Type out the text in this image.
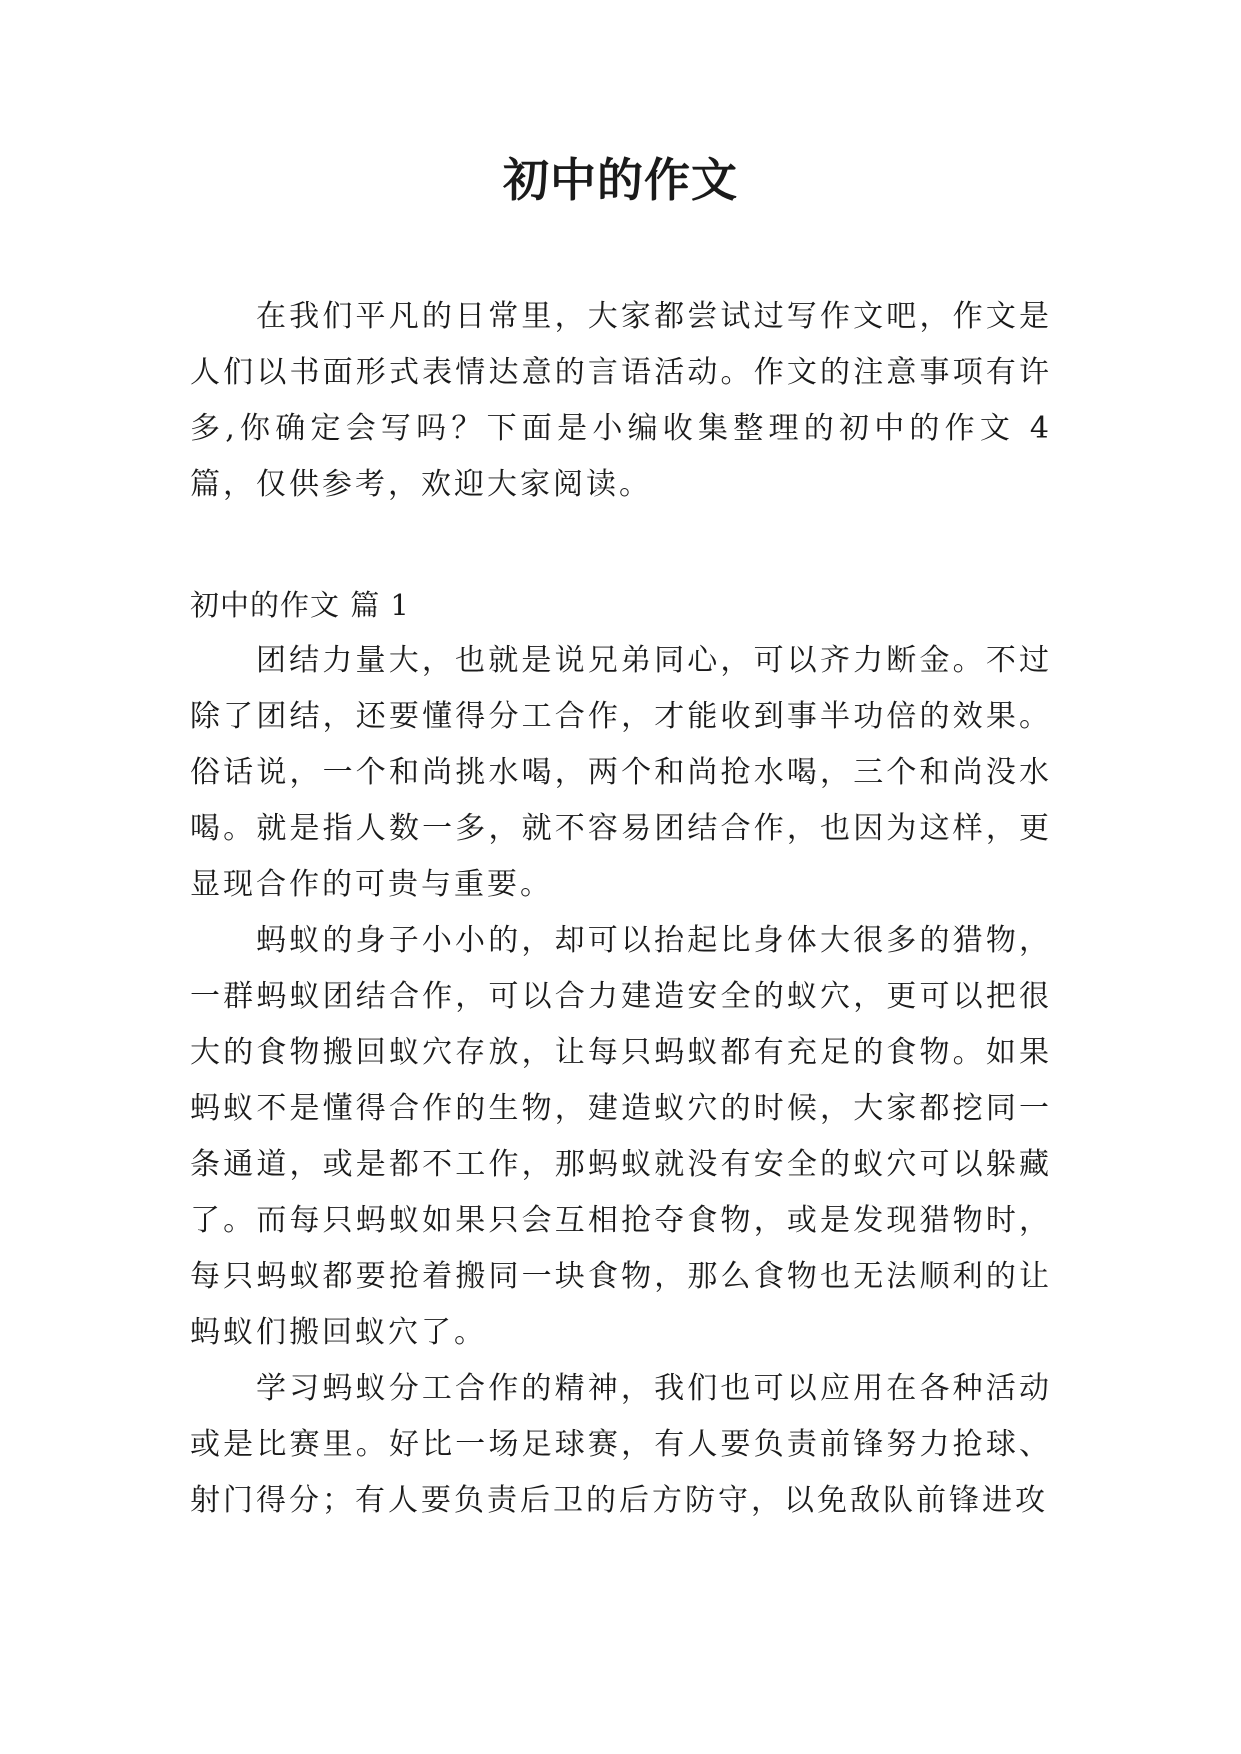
初中的作文

在我们平凡的日常里，大家都尝试过写作文吧，作文是人们以书面形式表情达意的言语活动。作文的注意事项有许多,你确定会写吗？下面是小编收集整理的初中的作文 4 篇，仅供参考，欢迎大家阅读。

初中的作文 篇 1

团结力量大，也就是说兄弟同心，可以齐力断金。不过除了团结，还要懂得分工合作，才能收到事半功倍的效果。俗话说，一个和尚挑水喝，两个和尚抢水喝，三个和尚没水喝。就是指人数一多，就不容易团结合作，也因为这样，更显现合作的可贵与重要。

蚂蚁的身子小小的，却可以抬起比身体大很多的猎物，一群蚂蚁团结合作，可以合力建造安全的蚁穴，更可以把很大的食物搬回蚁穴存放，让每只蚂蚁都有充足的食物。如果蚂蚁不是懂得合作的生物，建造蚁穴的时候，大家都挖同一条通道，或是都不工作，那蚂蚁就没有安全的蚁穴可以躲藏了。而每只蚂蚁如果只会互相抢夺食物，或是发现猎物时，每只蚂蚁都要抢着搬同一块食物，那么食物也无法顺利的让蚂蚁们搬回蚁穴了。

学习蚂蚁分工合作的精神，我们也可以应用在各种活动或是比赛里。好比一场足球赛，有人要负责前锋努力抢球、射门得分；有人要负责后卫的后方防守，以免敌队前锋进攻
